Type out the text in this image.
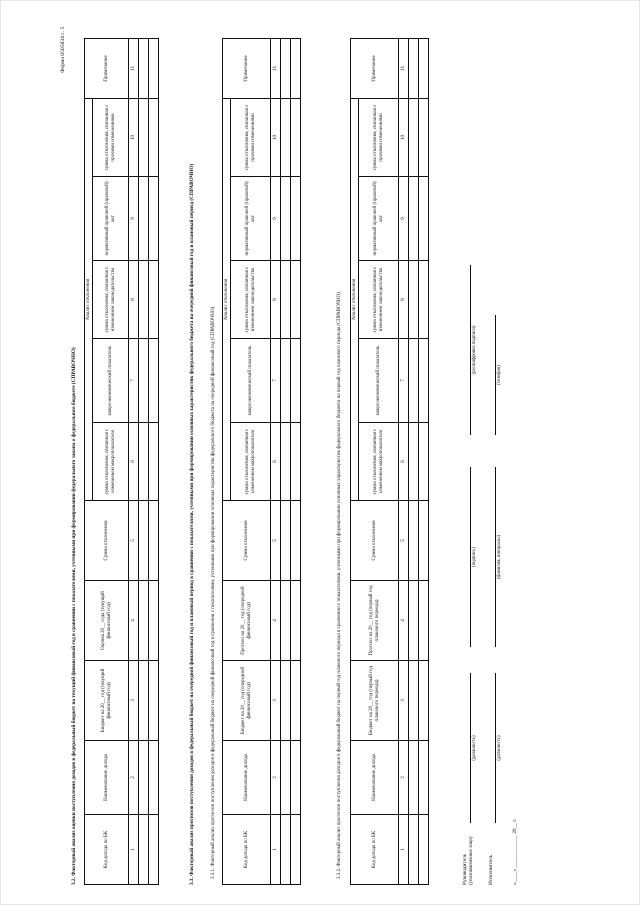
Форма 0505834 с. 5
3.2. Факторный анализ оценки поступления доходов в федеральный бюджет на текущий финансовый год в сравнении с показателями, учтенными при формировании федерального закона о федеральном бюджете (СПРАВОЧНО)	Код дохода по БК	Наименование дохода	Бюджет на 20__ год (текущий финансовый год)	Оценка 20__ года (текущий финансовый год)	Сумма отклонения	Анализ отклонения					Примечание
					сумма отклонения, связанная с изменением макропоказателя	макроэкономический показатель	сумма отклонения, связанная с изменением законодательства	нормативный правовой (правовой) акт	сумма отклонения, связанная с прочими изменениями	
1	2	3	4	5	6	7	8	9	10	11

3.3. Факторный анализ прогнозов поступления доходов в федеральный бюджет на очередной финансовый год и плановый период в сравнении с показателями, учтенными при формировании основных характеристик федерального бюджета на очередной финансовый год и плановый период (СПРАВОЧНО)	3.3.1. Факторный анализ прогнозов поступления доходов в федеральный бюджет на очередной финансовый год в сравнении с показателями, учтенными при формировании основных характеристик федерального бюджета на очередной финансовый год (СПРАВОЧНО)	Код дохода по БК	Наименование дохода	Бюджет на 20__ год (очередной финансовый год)	Прогноз на 20__ год (очередной финансовый год)	Сумма отклонения	Анализ отклонения					Примечание
					сумма отклонения, связанная с изменением макропоказателя	макроэкономический показатель	сумма отклонения, связанная с изменением законодательства	нормативный правовой (правовой) акт	сумма отклонения, связанная с прочими изменениями	
1	2	3	4	5	6	7	8	9	10	11

3.3.2. Факторный анализ прогнозов поступления доходов в федеральный бюджет на первый год планового периода в сравнении с показателями, учтенными при формировании основных характеристик федерального бюджета на первый год планового периода (СПРАВОЧНО)	Код дохода по БК	Наименование дохода	Бюджет на 20__ год (первый год планового периода)	Прогноз на 20__ год (первый год планового периода)	Сумма отклонения	Анализ отклонения					Примечание
					сумма отклонения, связанная с изменением макропоказателя	макроэкономический показатель	сумма отклонения, связанная с изменением законодательства	нормативный правовой (правовой) акт	сумма отклонения, связанная с прочими изменениями	
1	2	3	4	5	6	7	8	9	10	11

Руководитель (уполномоченное лицо)
(должность)
(подпись)
(расшифровка подписи)
Исполнитель
(должность)
(фамилия, инициалы)
(телефон)
«____» ____________ 20__ г.
